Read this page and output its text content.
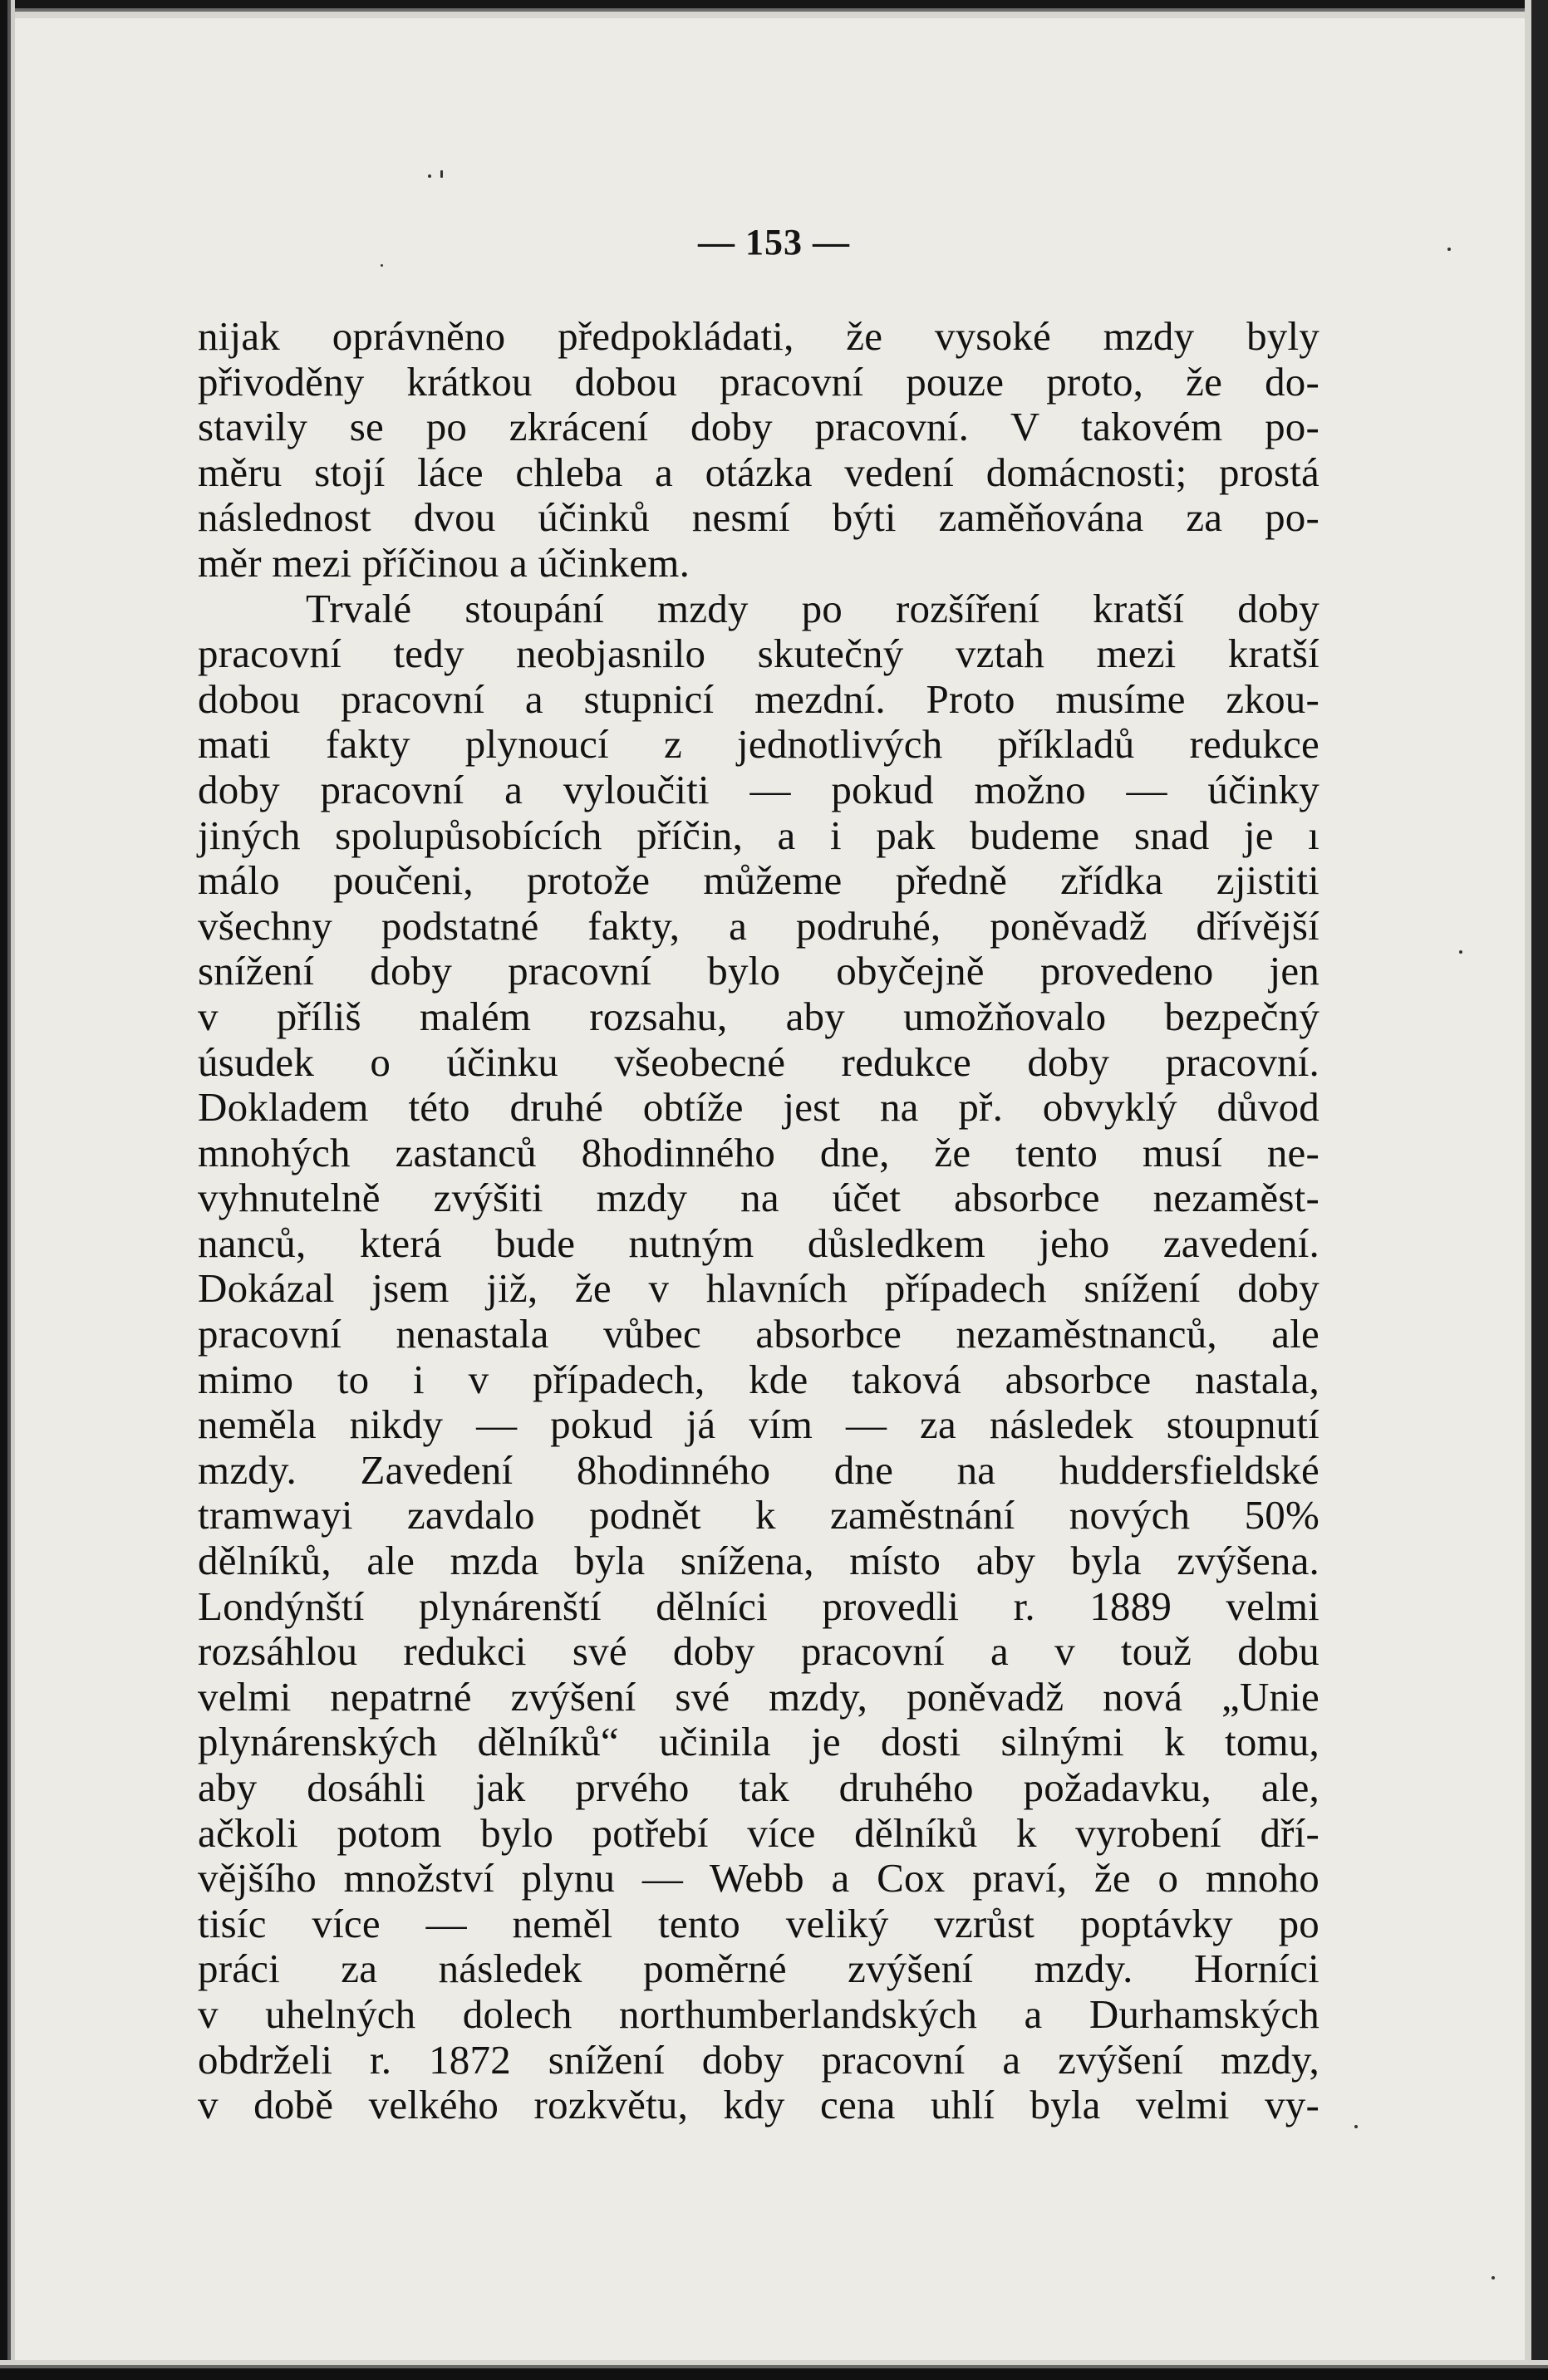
— 153 —
nijak oprávněno předpokládati, že vysoké mzdy byly
přivoděny krátkou dobou pracovní pouze proto, že do-
stavily se po zkrácení doby pracovní. V takovém po-
měru stojí láce chleba a otázka vedení domácnosti; prostá
následnost dvou účinků nesmí býti zaměňována za po-
měr mezi příčinou a účinkem.
Trvalé stoupání mzdy po rozšíření kratší doby
pracovní tedy neobjasnilo skutečný vztah mezi kratší
dobou pracovní a stupnicí mezdní. Proto musíme zkou-
mati fakty plynoucí z jednotlivých příkladů redukce
doby pracovní a vyloučiti — pokud možno — účinky
jiných spolupůsobících příčin, a i pak budeme snad je ı
málo poučeni, protože můžeme předně zřídka zjistiti
všechny podstatné fakty, a podruhé, poněvadž dřívější
snížení doby pracovní bylo obyčejně provedeno jen
v příliš malém rozsahu, aby umožňovalo bezpečný
úsudek o účinku všeobecné redukce doby pracovní.
Dokladem této druhé obtíže jest na př. obvyklý důvod
mnohých zastanců 8hodinného dne, že tento musí ne-
vyhnutelně zvýšiti mzdy na účet absorbce nezaměst-
nanců, která bude nutným důsledkem jeho zavedení.
Dokázal jsem již, že v hlavních případech snížení doby
pracovní nenastala vůbec absorbce nezaměstnanců, ale
mimo to i v případech, kde taková absorbce nastala,
neměla nikdy — pokud já vím — za následek stoupnutí
mzdy. Zavedení 8hodinného dne na huddersfieldské
tramwayi zavdalo podnět k zaměstnání nových 50%
dělníků, ale mzda byla snížena, místo aby byla zvýšena.
Londýnští plynárenští dělníci provedli r. 1889 velmi
rozsáhlou redukci své doby pracovní a v touž dobu
velmi nepatrné zvýšení své mzdy, poněvadž nová „Unie
plynárenských dělníků“ učinila je dosti silnými k tomu,
aby dosáhli jak prvého tak druhého požadavku, ale,
ačkoli potom bylo potřebí více dělníků k vyrobení dří-
vějšího množství plynu — Webb a Cox praví, že o mnoho
tisíc více — neměl tento veliký vzrůst poptávky po
práci za následek poměrné zvýšení mzdy. Horníci
v uhelných dolech northumberlandských a Durhamských
obdrželi r. 1872 snížení doby pracovní a zvýšení mzdy,
v době velkého rozkvětu, kdy cena uhlí byla velmi vy-
